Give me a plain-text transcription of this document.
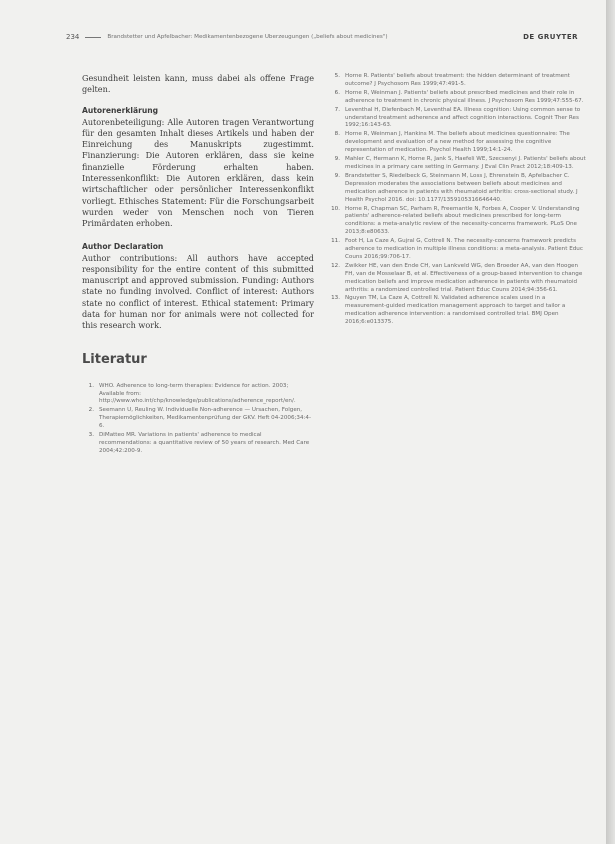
234	Brandstetter und Apfelbacher: Medikamentenbezogene Überzeugungen („beliefs about medicines")	DE GRUYTER

Gesundheit leisten kann, muss dabei als offene Frage gelten.

Autorenerklärung

Autorenbeteiligung: Alle Autoren tragen Verantwortung für den gesamten Inhalt dieses Artikels und haben der Einreichung des Manuskripts zugestimmt. Finanzierung: Die Autoren erklären, dass sie keine finanzielle Förderung erhalten haben. Interessenkonflikt: Die Autoren erklären, dass kein wirtschaftlicher oder persönlicher Interessenkonflikt vorliegt. Ethisches Statement: Für die Forschungsarbeit wurden weder von Menschen noch von Tieren Primärdaten erhoben.

Author Declaration

Author contributions: All authors have accepted responsibility for the entire content of this submitted manuscript and approved submission. Funding: Authors state no funding involved. Conflict of interest: Authors state no conflict of interest. Ethical statement: Primary data for human nor for animals were not collected for this research work.

Literatur
1. WHO. Adherence to long-term therapies: Evidence for action. 2003; Available from: http://www.who.int/chp/knowledge/publications/adherence_report/en/.
2. Seemann U, Reuling W. Individuelle Non-adherence — Ursachen, Folgen, Therapiemöglichkeiten, Medikamentenprüfung der GKV. Heft 04-2006;34:4-6.
3. DiMatteo MR. Variations in patients' adherence to medical recommendations: a quantitative review of 50 years of research. Med Care 2004;42:200-9.
5. Horne R. Patients' beliefs about treatment: the hidden determinant of treatment outcome? J Psychosom Res 1999;47:491-5.
6. Horne R, Weinman J. Patients' beliefs about prescribed medicines and their role in adherence to treatment in chronic physical illness. J Psychosom Res 1999;47:555-67.
7. Leventhal H, Diefenbach M, Leventhal EA. Illness cognition: Using common sense to understand treatment adherence and affect cognition interactions. Cognit Ther Res 1992;16:143-63.
8. Horne R, Weinman J, Hankins M. The beliefs about medicines questionnaire: The development and evaluation of a new method for assessing the cognitive representation of medication. Psychol Health 1999;14:1-24.
9. Mahler C, Hermann K, Horne R, Jank S, Haefeli WE, Szecsenyi J. Patients' beliefs about medicines in a primary care setting in Germany. J Eval Clin Pract 2012;18:409-13.
9. Brandstetter S, Riedelbeck G, Steinmann M, Loss J, Ehrenstein B, Apfelbacher C. Depression moderates the associations between beliefs about medicines and medication adherence in patients with rheumatoid arthritis: cross-sectional study. J Health Psychol 2016. doi: 10.1177/1359105316646440.
10. Horne R, Chapman SC, Parham R, Freemantle N, Forbes A, Cooper V. Understanding patients' adherence-related beliefs about medicines prescribed for long-term conditions: a meta-analytic review of the necessity-concerns framework. PLoS One 2013;8:e80633.
11. Foot H, La Caze A, Gujral G, Cottrell N. The necessity-concerns framework predicts adherence to medication in multiple illness conditions: a meta-analysis. Patient Educ Couns 2016;99:706-17.
12. Zwikker HE, van den Ende CH, van Lankveld WG, den Broeder AA, van den Hoogen FH, van de Mosselaar B, et al. Effectiveness of a group-based intervention to change medication beliefs and improve medication adherence in patients with rheumatoid arthritis: a randomized controlled trial. Patient Educ Couns 2014;94:356-61.
13. Nguyen TM, La Caze A, Cottrell N. Validated adherence scales used in a measurement-guided medication management approach to target and tailor a medication adherence intervention: a randomised controlled trial. BMJ Open 2016;6:e013375.
